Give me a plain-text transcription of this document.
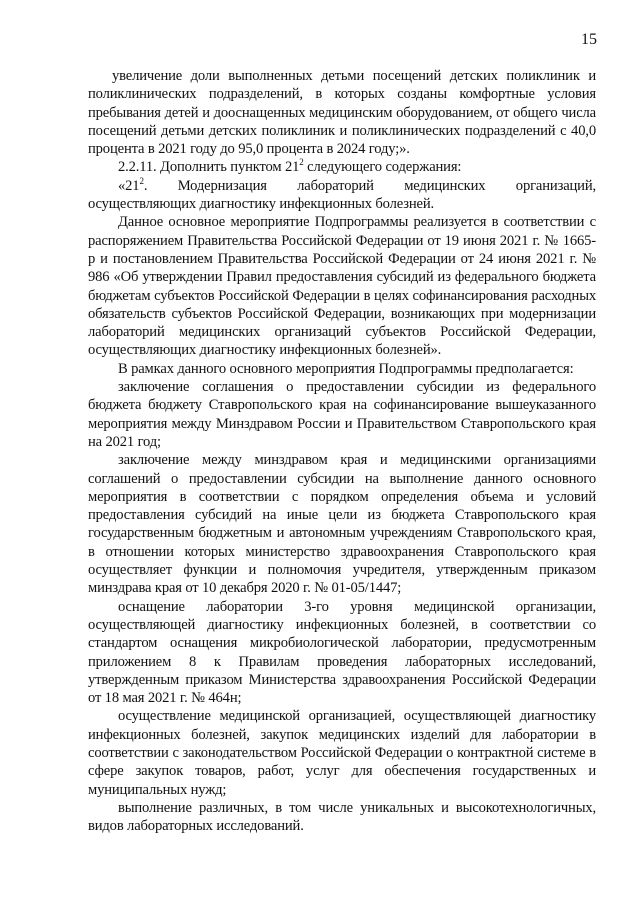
15

увеличение доли выполненных детьми посещений детских поликлиник и поликлинических подразделений, в которых созданы комфортные условия пребывания детей и дооснащенных медицинским оборудованием, от общего числа посещений детьми детских поликлиник и поликлинических подразделений с 40,0 процента в 2021 году до 95,0 процента в 2024 году;».

2.2.11. Дополнить пунктом $21^2$ следующего содержания:

«$21^2$. Модернизация лабораторий медицинских организаций, осуществляющих диагностику инфекционных болезней.

Данное основное мероприятие Подпрограммы реализуется в соответствии с распоряжением Правительства Российской Федерации от 19 июня 2021 г. № 1665-р и постановлением Правительства Российской Федерации от 24 июня 2021 г. № 986 «Об утверждении Правил предоставления субсидий из федерального бюджета бюджетам субъектов Российской Федерации в целях софинансирования расходных обязательств субъектов Российской Федерации, возникающих при модернизации лабораторий медицинских организаций субъектов Российской Федерации, осуществляющих диагностику инфекционных болезней».

В рамках данного основного мероприятия Подпрограммы предполагается:

заключение соглашения о предоставлении субсидии из федерального бюджета бюджету Ставропольского края на софинансирование вышеуказанного мероприятия между Минздравом России и Правительством Ставропольского края на 2021 год;

заключение между минздравом края и медицинскими организациями соглашений о предоставлении субсидии на выполнение данного основного мероприятия в соответствии с порядком определения объема и условий предоставления субсидий на иные цели из бюджета Ставропольского края государственным бюджетным и автономным учреждениям Ставропольского края, в отношении которых министерство здравоохранения Ставропольского края осуществляет функции и полномочия учредителя, утвержденным приказом минздрава края от 10 декабря 2020 г. № 01-05/1447;

оснащение лаборатории 3-го уровня медицинской организации, осуществляющей диагностику инфекционных болезней, в соответствии со стандартом оснащения микробиологической лаборатории, предусмотренным приложением 8 к Правилам проведения лабораторных исследований, утвержденным приказом Министерства здравоохранения Российской Федерации от 18 мая 2021 г. № 464н;

осуществление медицинской организацией, осуществляющей диагностику инфекционных болезней, закупок медицинских изделий для лаборатории в соответствии с законодательством Российской Федерации о контрактной системе в сфере закупок товаров, работ, услуг для обеспечения государственных и муниципальных нужд;

выполнение различных, в том числе уникальных и высокотехнологичных, видов лабораторных исследований.
